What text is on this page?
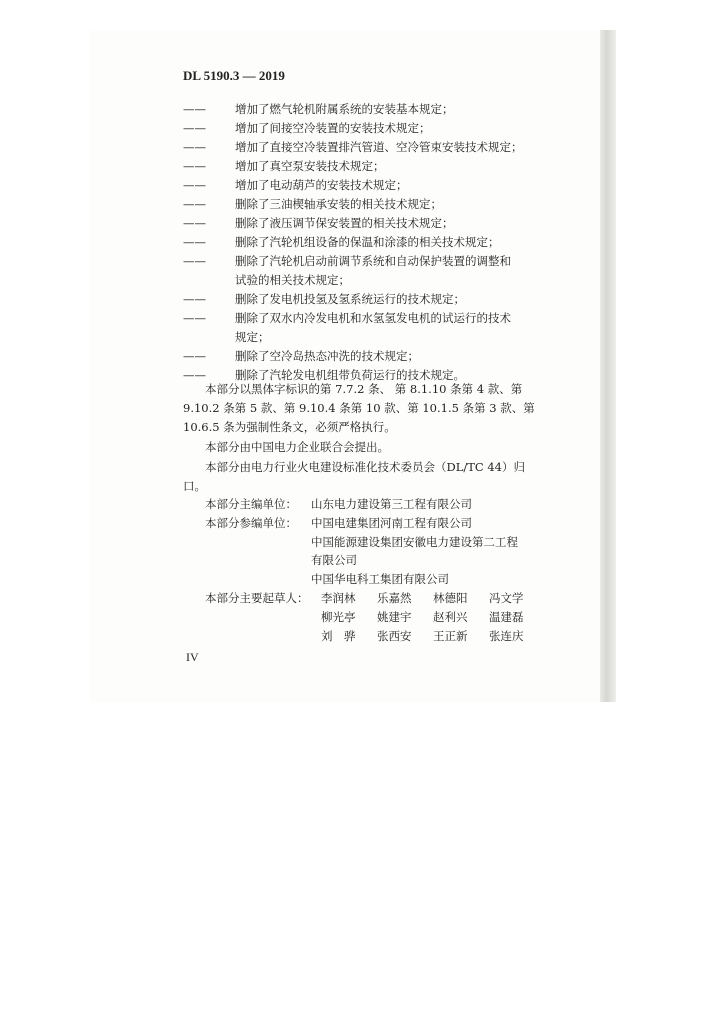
DL 5190.3 — 2019
——	增加了燃气轮机附属系统的安装基本规定；
——	增加了间接空冷装置的安装技术规定；
——	增加了直接空冷装置排汽管道、空冷管束安装技术规定；
——	增加了真空泵安装技术规定；
——	增加了电动葫芦的安装技术规定；
——	删除了三油楔轴承安装的相关技术规定；
——	删除了液压调节保安装置的相关技术规定；
——	删除了汽轮机组设备的保温和涂漆的相关技术规定；
——	删除了汽轮机启动前调节系统和自动保护装置的调整和
试验的相关技术规定；
——	删除了发电机投氢及氢系统运行的技术规定；
——	删除了双水内冷发电机和水氢氢发电机的试运行的技术
规定；
——	删除了空冷岛热态冲洗的技术规定；
——	删除了汽轮发电机组带负荷运行的技术规定。
本部分以黑体字标识的第 7.7.2 条、 第 8.1.10 条第 4 款、第 9.10.2 条第 5 款、第 9.10.4 条第 10 款、第 10.1.5 条第 3 款、第 10.6.5 条为强制性条文，必须严格执行。
本部分由中国电力企业联合会提出。
本部分由电力行业火电建设标准化技术委员会（DL/TC 44）归口。
本部分主编单位： 山东电力建设第三工程有限公司
本部分参编单位： 中国电建集团河南工程有限公司
中国能源建设集团安徽电力建设第二工程
有限公司
中国华电科工集团有限公司
本部分主要起草人： 李润林 乐嘉然 林德阳 冯文学
柳光亭 姚建宇 赵利兴 温建磊
刘　骅 张西安 王正新 张连庆
IV
